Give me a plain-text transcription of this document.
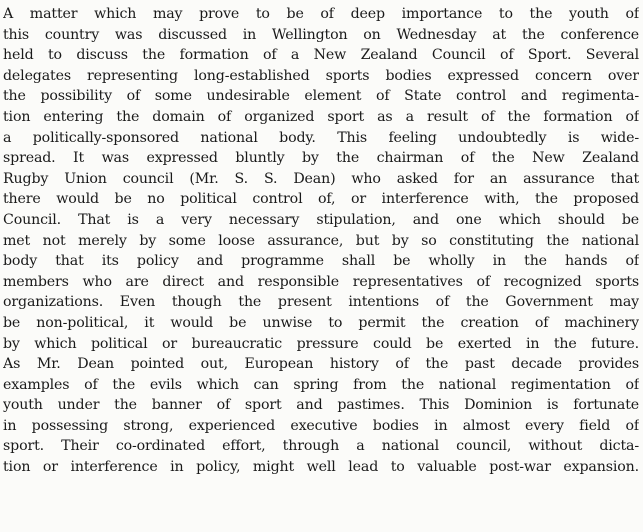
A matter which may prove to be of deep importance to the youth of
this country was discussed in Wellington on Wednesday at the conference
held to discuss the formation of a New Zealand Council of Sport. Several
delegates representing long-established sports bodies expressed concern over
the possibility of some undesirable element of State control and regimenta-
tion entering the domain of organized sport as a result of the formation of
a politically-sponsored national body. This feeling undoubtedly is wide-
spread. It was expressed bluntly by the chairman of the New Zealand
Rugby Union council (Mr. S. S. Dean) who asked for an assurance that
there would be no political control of, or interference with, the proposed
Council. That is a very necessary stipulation, and one which should be
met not merely by some loose assurance, but by so constituting the national
body that its policy and programme shall be wholly in the hands of
members who are direct and responsible representatives of recognized sports
organizations. Even though the present intentions of the Government may
be non-political, it would be unwise to permit the creation of machinery
by which political or bureaucratic pressure could be exerted in the future.
As Mr. Dean pointed out, European history of the past decade provides
examples of the evils which can spring from the national regimentation of
youth under the banner of sport and pastimes. This Dominion is fortunate
in possessing strong, experienced executive bodies in almost every field of
sport. Their co-ordinated effort, through a national council, without dicta-
tion or interference in policy, might well lead to valuable post-war expansion.
